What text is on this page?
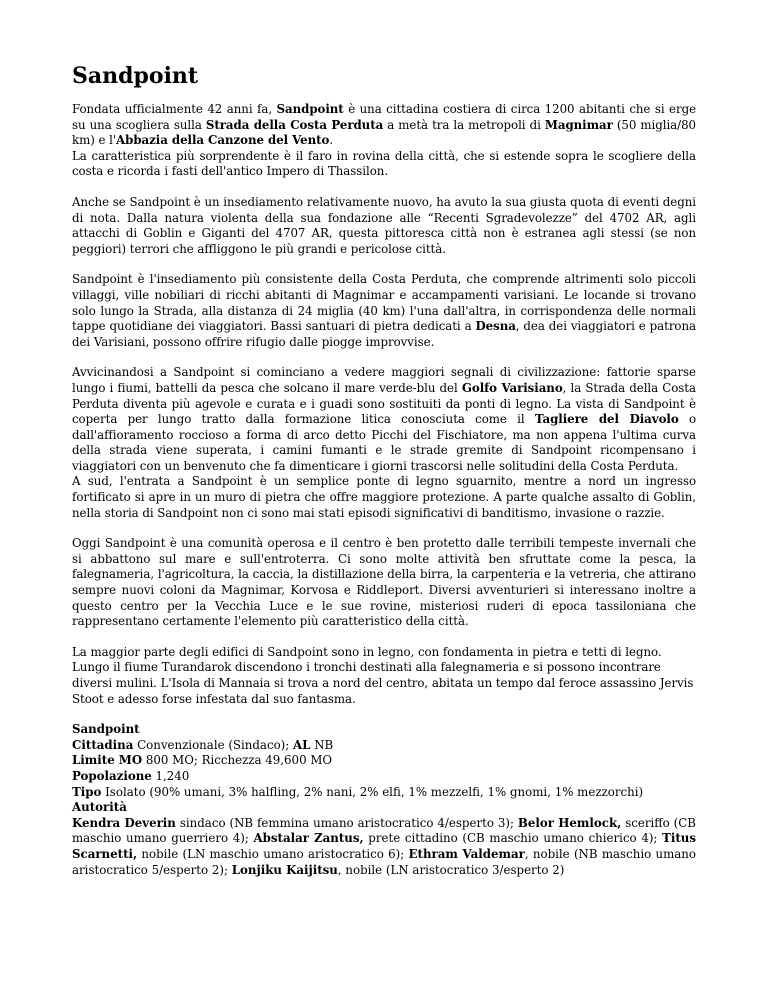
Sandpoint

Fondata ufficialmente 42 anni fa, Sandpoint è una cittadina costiera di circa 1200 abitanti che si erge su una scogliera sulla Strada della Costa Perduta a metà tra la metropoli di Magnimar (50 miglia/80 km) e l'Abbazia della Canzone del Vento.
La caratteristica più sorprendente è il faro in rovina della città, che si estende sopra le scogliere della costa e ricorda i fasti dell'antico Impero di Thassilon.

Anche se Sandpoint è un insediamento relativamente nuovo, ha avuto la sua giusta quota di eventi degni di nota. Dalla natura violenta della sua fondazione alle “Recenti Sgradevolezze” del 4702 AR, agli attacchi di Goblin e Giganti del 4707 AR, questa pittoresca città non è estranea agli stessi (se non peggiori) terrori che affliggono le più grandi e pericolose città.

Sandpoint è l'insediamento più consistente della Costa Perduta, che comprende altrimenti solo piccoli villaggi, ville nobiliari di ricchi abitanti di Magnimar e accampamenti varisiani. Le locande si trovano solo lungo la Strada, alla distanza di 24 miglia (40 km) l'una dall'altra, in corrispondenza delle normali tappe quotidiane dei viaggiatori. Bassi santuari di pietra dedicati a Desna, dea dei viaggiatori e patrona dei Varisiani, possono offrire rifugio dalle piogge improvvise.

Avvicinandosi a Sandpoint si cominciano a vedere maggiori segnali di civilizzazione: fattorie sparse lungo i fiumi, battelli da pesca che solcano il mare verde-blu del Golfo Varisiano, la Strada della Costa Perduta diventa più agevole e curata e i guadi sono sostituiti da ponti di legno. La vista di Sandpoint è coperta per lungo tratto dalla formazione litica conosciuta come il Tagliere del Diavolo o dall'affioramento roccioso a forma di arco detto Picchi del Fischiatore, ma non appena l'ultima curva della strada viene superata, i camini fumanti e le strade gremite di Sandpoint ricompensano i viaggiatori con un benvenuto che fa dimenticare i giorni trascorsi nelle solitudini della Costa Perduta.
A sud, l'entrata a Sandpoint è un semplice ponte di legno sguarnito, mentre a nord un ingresso fortificato si apre in un muro di pietra che offre maggiore protezione. A parte qualche assalto di Goblin, nella storia di Sandpoint non ci sono mai stati episodi significativi di banditismo, invasione o razzie.

Oggi Sandpoint è una comunità operosa e il centro è ben protetto dalle terribili tempeste invernali che si abbattono sul mare e sull'entroterra. Ci sono molte attività ben sfruttate come la pesca, la falegnameria, l'agricoltura, la caccia, la distillazione della birra, la carpenteria e la vetreria, che attirano sempre nuovi coloni da Magnimar, Korvosa e Riddleport. Diversi avventurieri si interessano inoltre a questo centro per la Vecchia Luce e le sue rovine, misteriosi ruderi di epoca tassiloniana che rappresentano certamente l'elemento più caratteristico della città.

La maggior parte degli edifici di Sandpoint sono in legno, con fondamenta in pietra e tetti di legno. Lungo il fiume Turandarok discendono i tronchi destinati alla falegnameria e si possono incontrare diversi mulini. L'Isola di Mannaia si trova a nord del centro, abitata un tempo dal feroce assassino Jervis Stoot e adesso forse infestata dal suo fantasma.

Sandpoint
Cittadina Convenzionale (Sindaco); AL NB
Limite MO 800 MO; Ricchezza 49,600 MO
Popolazione 1,240
Tipo Isolato (90% umani, 3% halfling, 2% nani, 2% elfi, 1% mezzelfi, 1% gnomi, 1% mezzorchi)
Autorità
Kendra Deverin sindaco (NB femmina umano aristocratico 4/esperto 3); Belor Hemlock, sceriffo (CB maschio umano guerriero 4); Abstalar Zantus, prete cittadino (CB maschio umano chierico 4); Titus Scarnetti, nobile (LN maschio umano aristocratico 6); Ethram Valdemar, nobile (NB maschio umano aristocratico 5/esperto 2); Lonjiku Kaijitsu, nobile (LN aristocratico 3/esperto 2)
